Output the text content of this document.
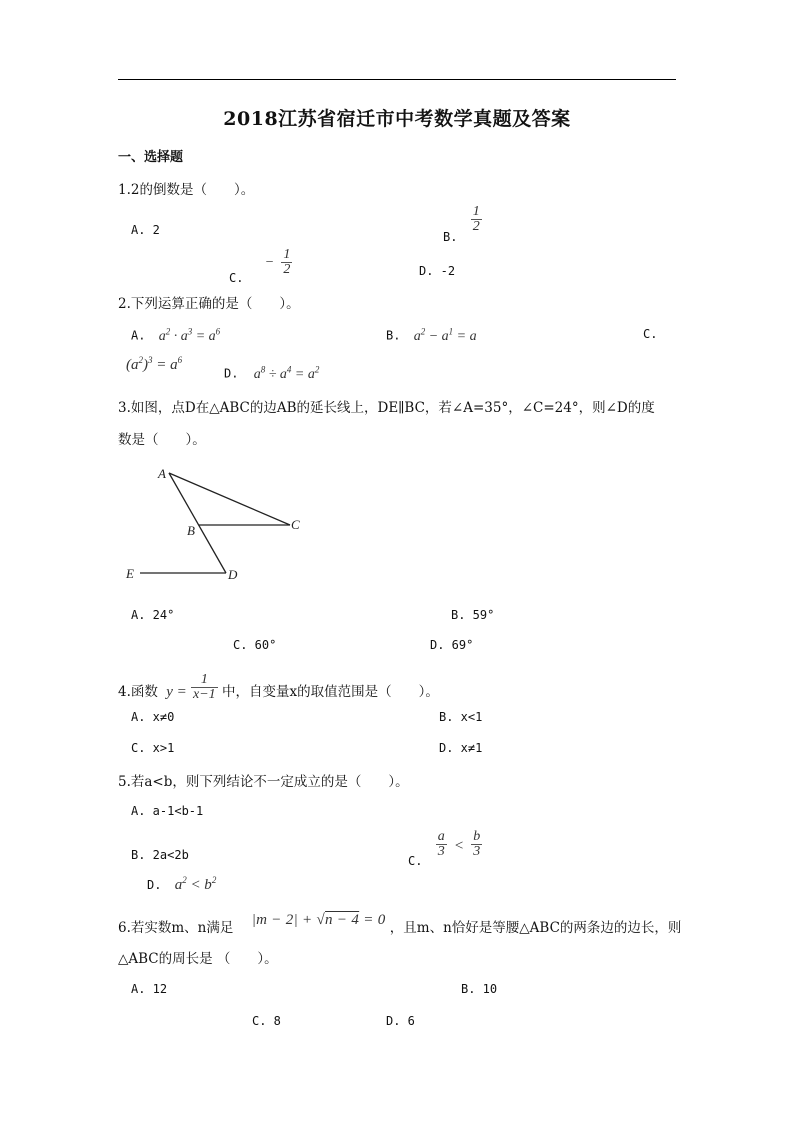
2018江苏省宿迁市中考数学真题及答案
一、选择题
1.2的倒数是（　　）。
A. 2	B.
$\frac{1}{2}$
C. − $\frac{1}{2}$	D. -2
2.下列运算正确的是（　　）。
A. $a^2 \cdot a^3 = a^6$	B. $a^2 - a^1 = a$	C.
$(a^2)^3 = a^6$
D. $a^8 \div a^4 = a^2$
3.如图，点D在△ABC的边AB的延长线上，DE∥BC，若∠A=35°，∠C=24°，则∠D的度
数是（　　）。
A
B	C
D
E
A. 24°	B. 59°
C. 60°	D. 69°
4.函数 $y = \frac{1}{x-1}$ 中，自变量x的取值范围是（　　）。
A. x≠0	B. x<1
C. x>1	D. x≠1
5.若a<b，则下列结论不一定成立的是（　　）。
A. a-1<b-1
B. 2a<2b	C.
$\frac{a}{3} < \frac{b}{3}$
D. $a^2 < b^2$
6.若实数m、n满足 |m − 2| + √n − 4 = 0 ，且m、n恰好是等腰△ABC的两条边的边长，则
△ABC的周长是 （　　）。
A. 12	B. 10
C. 8	D. 6
